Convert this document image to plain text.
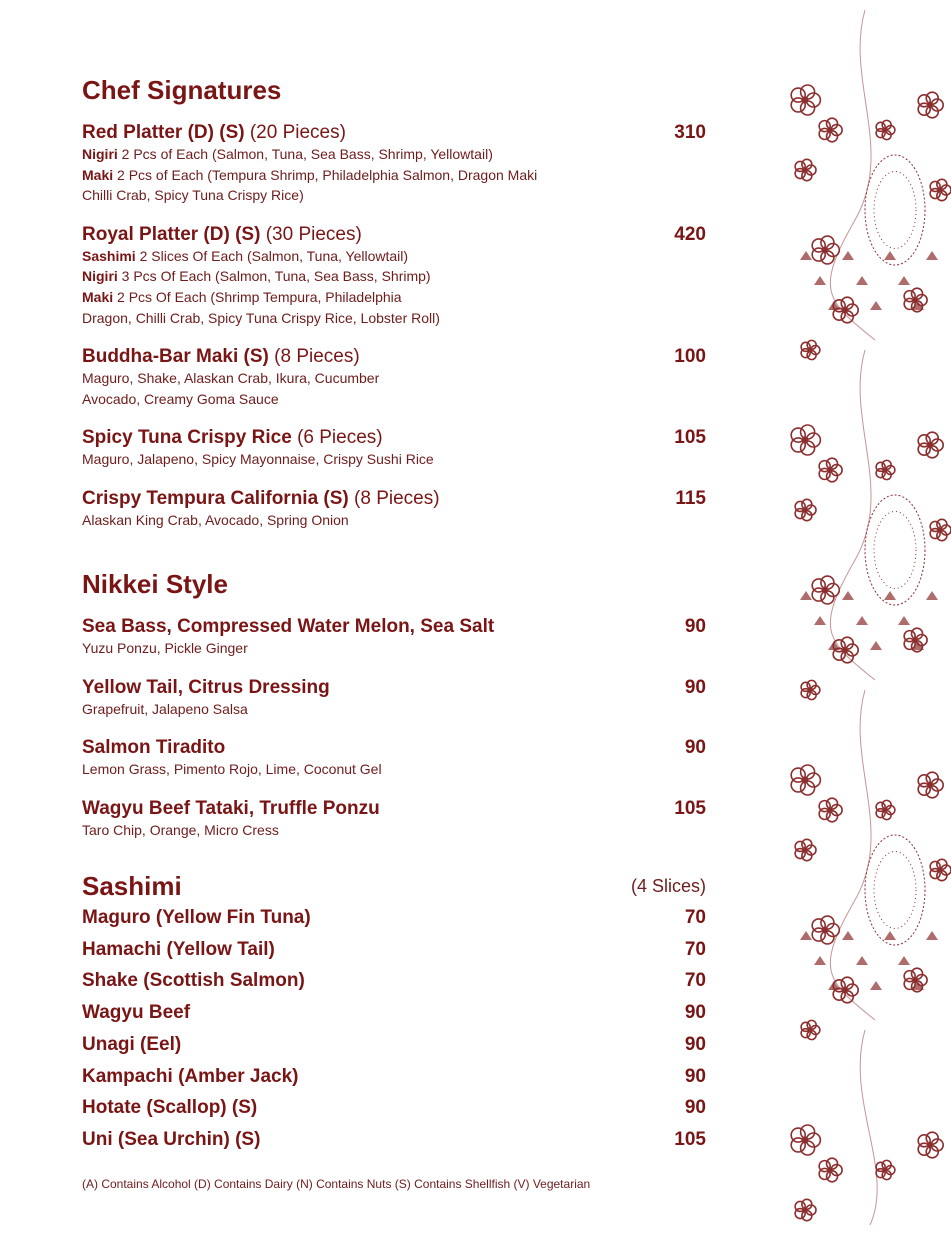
Chef Signatures
Red Platter (D) (S) (20 Pieces)	310
Nigiri 2 Pcs of Each (Salmon, Tuna, Sea Bass, Shrimp, Yellowtail)
Maki 2 Pcs of Each (Tempura Shrimp, Philadelphia Salmon, Dragon Maki
Chilli Crab, Spicy Tuna Crispy Rice)
Royal Platter (D) (S) (30 Pieces)	420
Sashimi 2 Slices Of Each (Salmon, Tuna, Yellowtail)
Nigiri 3 Pcs Of Each (Salmon, Tuna, Sea Bass, Shrimp)
Maki 2 Pcs Of Each (Shrimp Tempura, Philadelphia
Dragon, Chilli Crab, Spicy Tuna Crispy Rice, Lobster Roll)
Buddha-Bar Maki (S) (8 Pieces)	100
Maguro, Shake, Alaskan Crab, Ikura, Cucumber
Avocado, Creamy Goma Sauce
Spicy Tuna Crispy Rice (6 Pieces)	105
Maguro, Jalapeno, Spicy Mayonnaise, Crispy Sushi Rice
Crispy Tempura California (S) (8 Pieces)	115
Alaskan King Crab, Avocado, Spring Onion
Nikkei Style
Sea Bass, Compressed Water Melon, Sea Salt	90
Yuzu Ponzu, Pickle Ginger
Yellow Tail, Citrus Dressing	90
Grapefruit, Jalapeno Salsa
Salmon Tiradito	90
Lemon Grass, Pimento Rojo, Lime, Coconut Gel
Wagyu Beef Tataki, Truffle Ponzu	105
Taro Chip, Orange, Micro Cress
Sashimi	(4 Slices)
Maguro (Yellow Fin Tuna)	70
Hamachi (Yellow Tail)	70
Shake (Scottish Salmon)	70
Wagyu Beef	90
Unagi (Eel)	90
Kampachi (Amber Jack)	90
Hotate (Scallop) (S)	90
Uni (Sea Urchin) (S)	105
(A) Contains Alcohol (D) Contains Dairy (N) Contains Nuts (S) Contains Shellfish (V) Vegetarian
